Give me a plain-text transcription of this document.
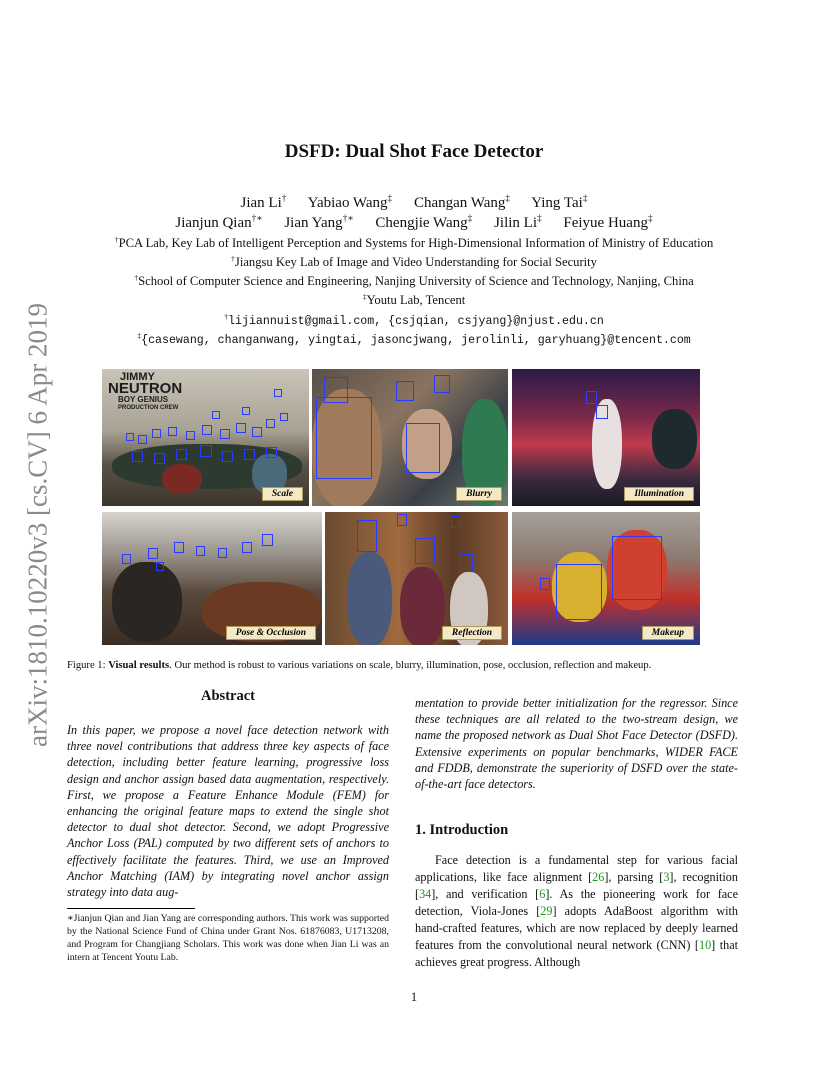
arXiv:1810.10220v3 [cs.CV] 6 Apr 2019
DSFD: Dual Shot Face Detector
Jian Li† Yabiao Wang‡ Changan Wang‡ Ying Tai‡
Jianjun Qian†∗ Jian Yang†∗ Chengjie Wang‡ Jilin Li‡ Feiyue Huang‡
†PCA Lab, Key Lab of Intelligent Perception and Systems for High-Dimensional Information of Ministry of Education
†Jiangsu Key Lab of Image and Video Understanding for Social Security
†School of Computer Science and Engineering, Nanjing University of Science and Technology, Nanjing, China
‡Youtu Lab, Tencent
†lijiannuist@gmail.com, {csjqian, csjyang}@njust.edu.cn
‡{casewang, changanwang, yingtai, jasoncjwang, jerolinli, garyhuang}@tencent.com
JIMMY
NEUTRON
BOY GENIUS
PRODUCTION CREW
Scale	Blurry	Illumination
Pose & Occlusion	Reflection	Makeup
Figure 1: Visual results. Our method is robust to various variations on scale, blurry, illumination, pose, occlusion, reflection and makeup.
Abstract
In this paper, we propose a novel face detection network with three novel contributions that address three key aspects of face detection, including better feature learning, progressive loss design and anchor assign based data augmentation, respectively. First, we propose a Feature Enhance Module (FEM) for enhancing the original feature maps to extend the single shot detector to dual shot detector. Second, we adopt Progressive Anchor Loss (PAL) computed by two different sets of anchors to effectively facilitate the features. Third, we use an Improved Anchor Matching (IAM) by integrating novel anchor assign strategy into data aug-
mentation to provide better initialization for the regressor. Since these techniques are all related to the two-stream design, we name the proposed network as Dual Shot Face Detector (DSFD). Extensive experiments on popular benchmarks, WIDER FACE and FDDB, demonstrate the superiority of DSFD over the state-of-the-art face detectors.
1. Introduction
Face detection is a fundamental step for various facial applications, like face alignment [26], parsing [3], recognition [34], and verification [6]. As the pioneering work for face detection, Viola-Jones [29] adopts AdaBoost algorithm with hand-crafted features, which are now replaced by deeply learned features from the convolutional neural network (CNN) [10] that achieves great progress. Although
∗Jianjun Qian and Jian Yang are corresponding authors. This work was supported by the National Science Fund of China under Grant Nos. 61876083, U1713208, and Program for Changjiang Scholars. This work was done when Jian Li was an intern at Tencent Youtu Lab.
1
